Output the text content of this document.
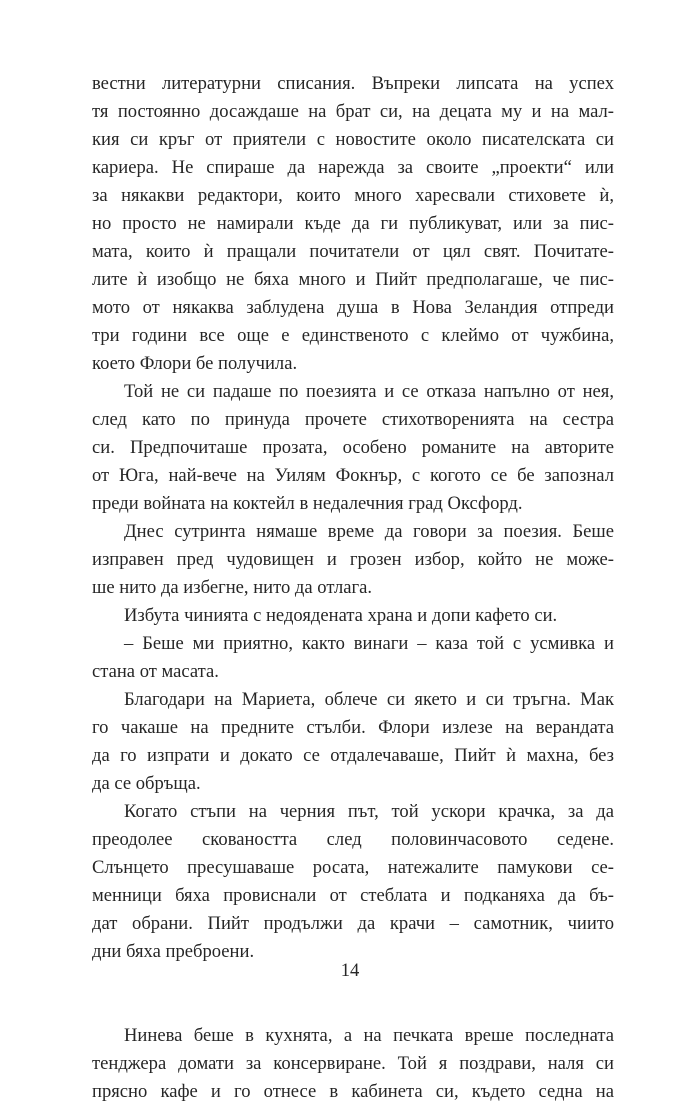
вестни литературни списания. Въпреки липсата на успех
тя постоянно досаждаше на брат си, на децата му и на мал-
кия си кръг от приятели с новостите около писателската си
кариера. Не спираше да нарежда за своите „проекти“ или
за някакви редактори, които много харесвали стиховете ѝ,
но просто не намирали къде да ги публикуват, или за пис-
мата, които ѝ пращали почитатели от цял свят. Почитате-
лите ѝ изобщо не бяха много и Пийт предполагаше, че пис-
мото от някаква заблудена душа в Нова Зеландия отпреди
три години все още е единственото с клеймо от чужбина,
което Флори бе получила.
Той не си падаше по поезията и се отказа напълно от нея,
след като по принуда прочете стихотворенията на сестра
си. Предпочиташе прозата, особено романите на авторите
от Юга, най-вече на Уилям Фокнър, с когото се бе запознал
преди войната на коктейл в недалечния град Оксфорд.
Днес сутринта нямаше време да говори за поезия. Беше
изправен пред чудовищен и грозен избор, който не може-
ше нито да избегне, нито да отлага.
Избута чинията с недоядената храна и допи кафето си.
– Беше ми приятно, както винаги – каза той с усмивка и
стана от масата.
Благодари на Мариета, облече си якето и си тръгна. Мак
го чакаше на предните стълби. Флори излезе на верандата
да го изпрати и докато се отдалечаваше, Пийт ѝ махна, без
да се обръща.
Когато стъпи на черния път, той ускори крачка, за да
преодолее сковаността след половинчасовото седене.
Слънцето пресушаваше росата, натежалите памукови се-
менници бяха провиснали от стеблата и подканяха да бъ-
дат обрани. Пийт продължи да крачи – самотник, чиито
дни бяха преброени.
Нинева беше в кухнята, а на печката вреше последната
тенджера домати за консервиране. Той я поздрави, наля си
прясно кафе и го отнесе в кабинета си, където седна на
14
